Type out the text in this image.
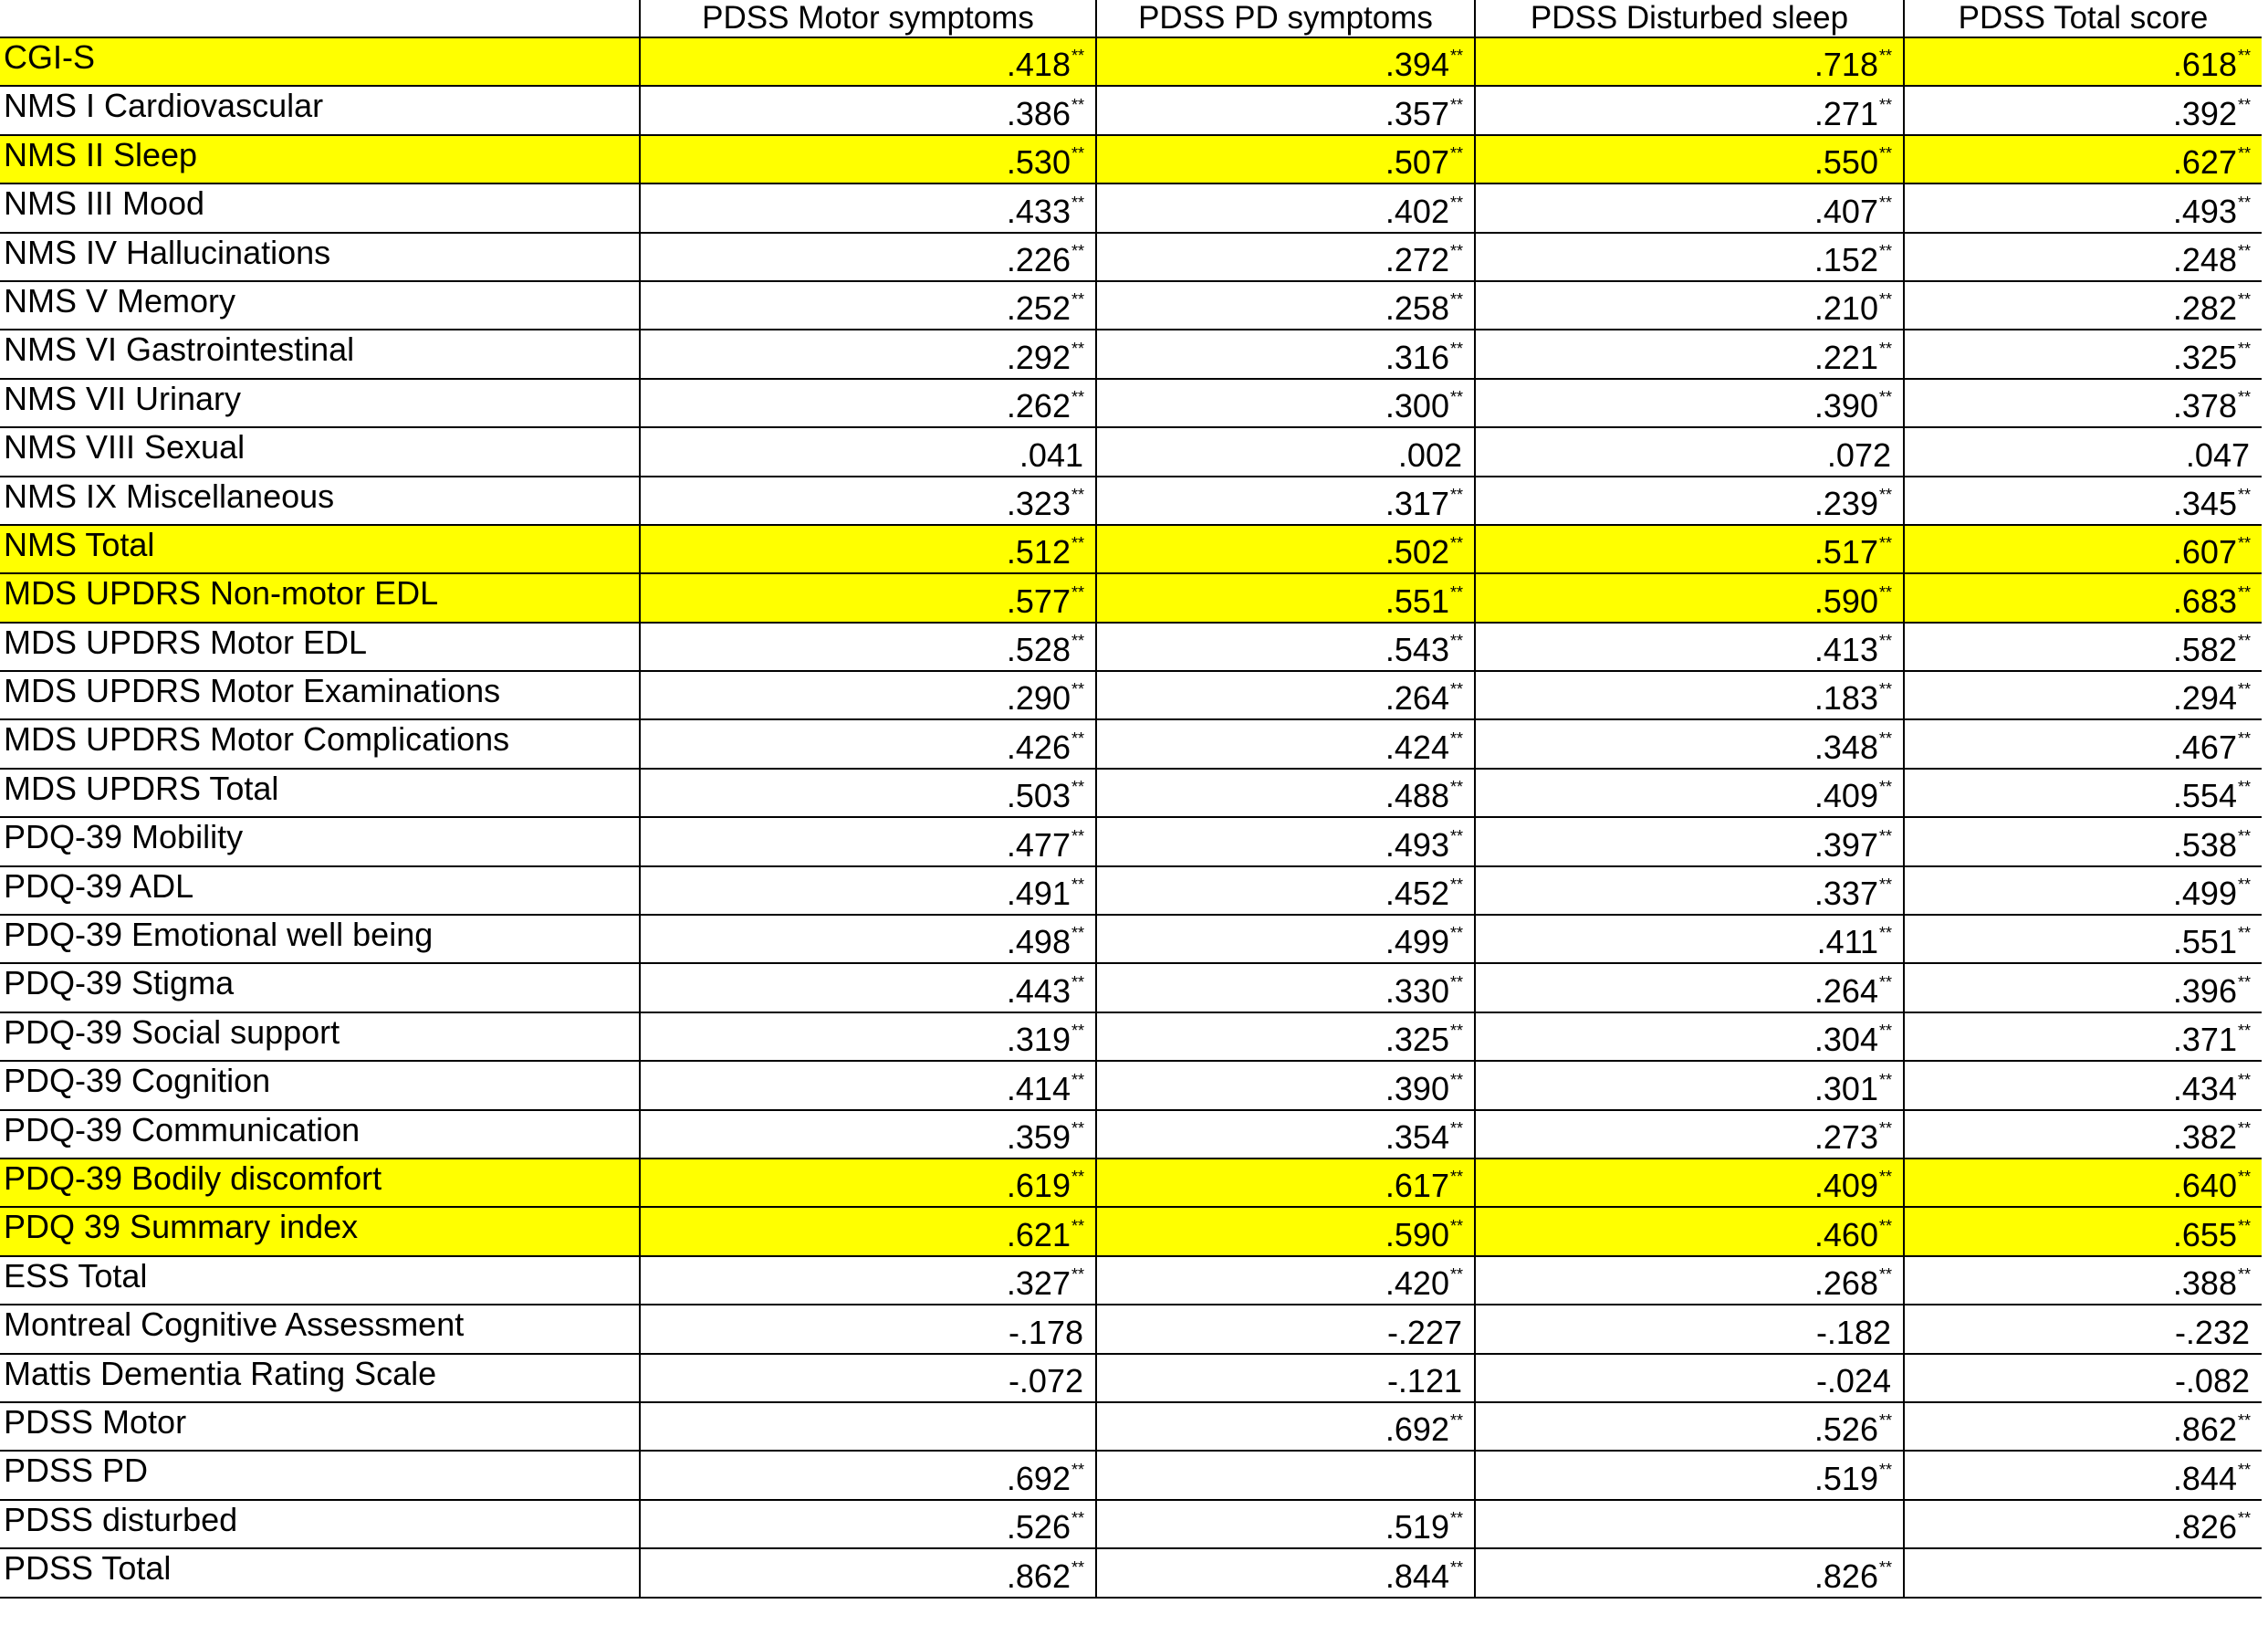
	PDSS Motor symptoms	PDSS PD symptoms	PDSS Disturbed sleep	PDSS Total score
CGI-S	.418**	.394**	.718**	.618**
NMS I Cardiovascular	.386**	.357**	.271**	.392**
NMS II Sleep	.530**	.507**	.550**	.627**
NMS III Mood	.433**	.402**	.407**	.493**
NMS IV Hallucinations	.226**	.272**	.152**	.248**
NMS V Memory	.252**	.258**	.210**	.282**
NMS VI Gastrointestinal	.292**	.316**	.221**	.325**
NMS VII Urinary	.262**	.300**	.390**	.378**
NMS VIII Sexual	.041	.002	.072	.047
NMS IX Miscellaneous	.323**	.317**	.239**	.345**
NMS Total	.512**	.502**	.517**	.607**
MDS UPDRS Non-motor EDL	.577**	.551**	.590**	.683**
MDS UPDRS Motor EDL	.528**	.543**	.413**	.582**
MDS UPDRS Motor Examinations	.290**	.264**	.183**	.294**
MDS UPDRS Motor Complications	.426**	.424**	.348**	.467**
MDS UPDRS Total	.503**	.488**	.409**	.554**
PDQ-39 Mobility	.477**	.493**	.397**	.538**
PDQ-39 ADL	.491**	.452**	.337**	.499**
PDQ-39 Emotional well being	.498**	.499**	.411**	.551**
PDQ-39 Stigma	.443**	.330**	.264**	.396**
PDQ-39 Social support	.319**	.325**	.304**	.371**
PDQ-39 Cognition	.414**	.390**	.301**	.434**
PDQ-39 Communication	.359**	.354**	.273**	.382**
PDQ-39 Bodily discomfort	.619**	.617**	.409**	.640**
PDQ 39 Summary index	.621**	.590**	.460**	.655**
ESS Total	.327**	.420**	.268**	.388**
Montreal Cognitive Assessment	-.178	-.227	-.182	-.232
Mattis Dementia Rating Scale	-.072	-.121	-.024	-.082
PDSS Motor		.692**	.526**	.862**
PDSS PD	.692**		.519**	.844**
PDSS disturbed	.526**	.519**		.826**
PDSS Total	.862**	.844**	.826**	
